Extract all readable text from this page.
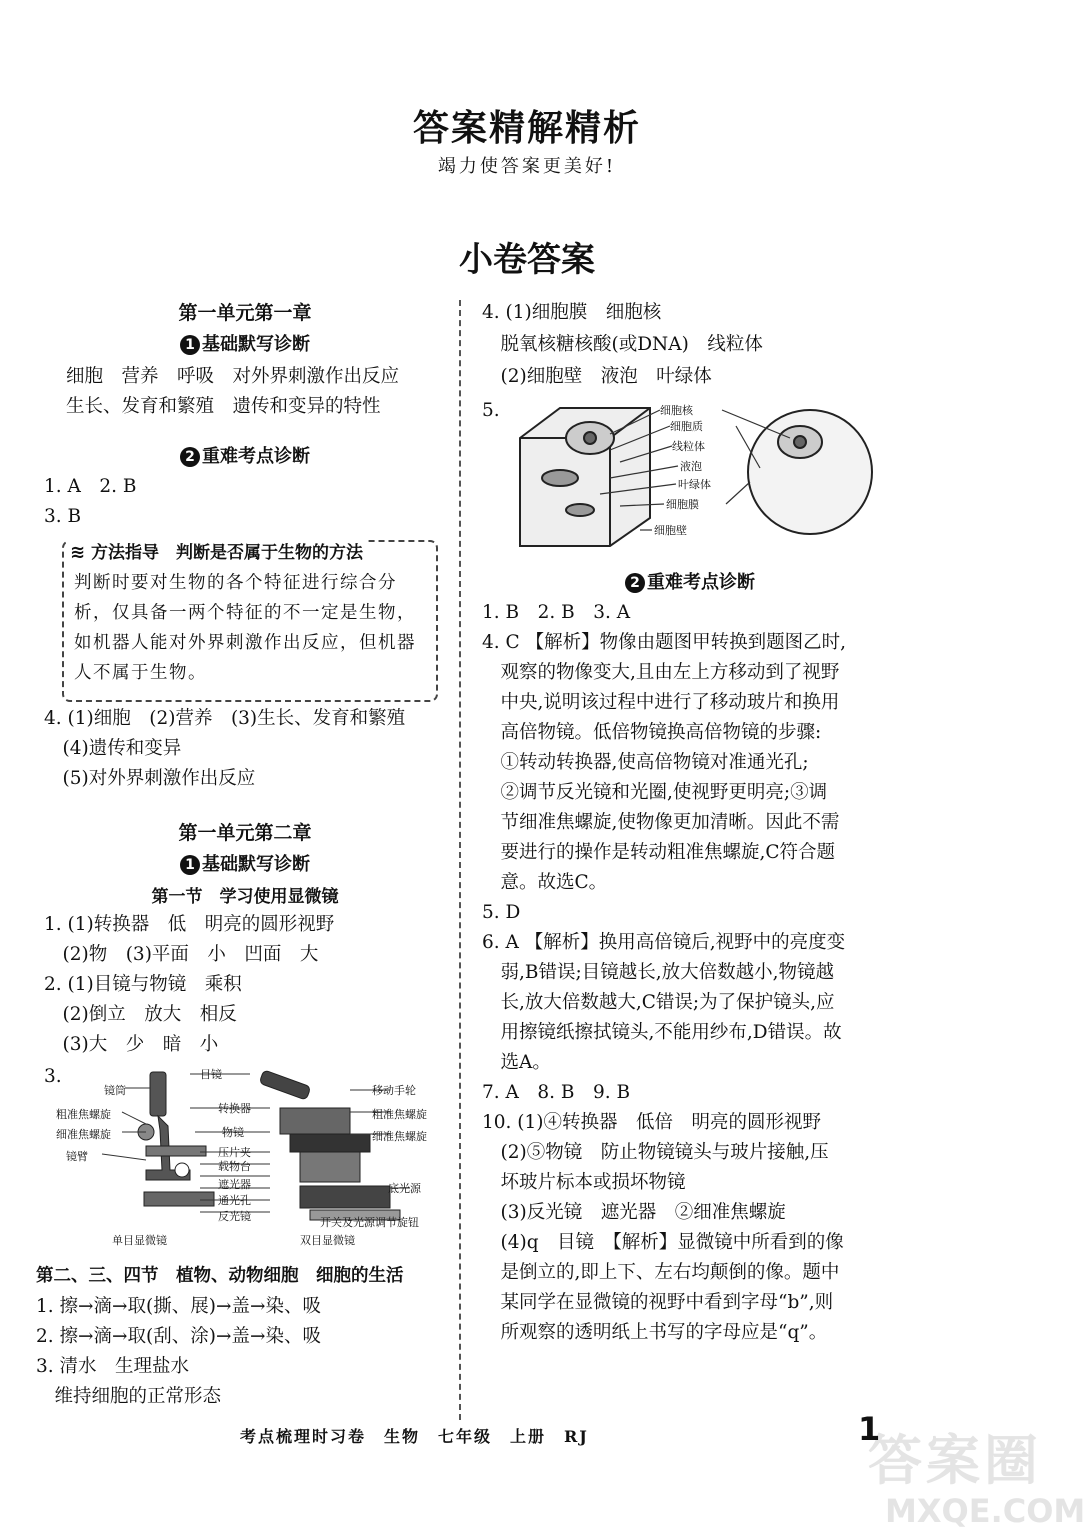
答案精解精析
竭力使答案更美好!
小卷答案
第一单元第一章
1 基础默写诊断
细胞　营养　呼吸　对外界刺激作出反应
生长、发育和繁殖　遗传和变异的特性
2 重难考点诊断
1. A　2. B
3. B
≋ 方法指导　判断是否属于生物的方法
判断时要对生物的各个特征进行综合分
析，仅具备一两个特征的不一定是生物，
如机器人能对外界刺激作出反应，但机器
人不属于生物。
4. (1)细胞　(2)营养　(3)生长、发育和繁殖
　(4)遗传和变异
　(5)对外界刺激作出反应
第一单元第二章
1 基础默写诊断
第一节　学习使用显微镜
1. (1)转换器　低　明亮的圆形视野
　(2)物　(3)平面　小　凹面　大
2. (1)目镜与物镜　乘积
　(2)倒立　放大　相反
　(3)大　少　暗　小
3.
镜筒
粗准焦螺旋
细准焦螺旋
镜臂
目镜
转换器
物镜
压片夹
载物台
遮光器
通光孔
反光镜
移动手轮
粗准焦螺旋
细准焦螺旋
底光源
开关及光源调节旋钮
单目显微镜	双目显微镜
第二、三、四节　植物、动物细胞　细胞的生活
1. 擦→滴→取(撕、展)→盖→染、吸
2. 擦→滴→取(刮、涂)→盖→染、吸
3. 清水　生理盐水
　维持细胞的正常形态
4. (1)细胞膜　细胞核
　脱氧核糖核酸(或DNA)　线粒体
　(2)细胞壁　液泡　叶绿体
5.	细胞核
细胞质
线粒体
液泡
叶绿体
细胞膜
细胞壁
2 重难考点诊断
1. B　2. B　3. A
4. C 【解析】物像由题图甲转换到题图乙时,
　观察的物像变大,且由左上方移动到了视野
　中央,说明该过程中进行了移动玻片和换用
　高倍物镜。低倍物镜换高倍物镜的步骤:
　①转动转换器,使高倍物镜对准通光孔;
　②调节反光镜和光圈,使视野更明亮;③调
　节细准焦螺旋,使物像更加清晰。因此不需
　要进行的操作是转动粗准焦螺旋,C符合题
　意。故选C。
5. D
6. A 【解析】换用高倍镜后,视野中的亮度变
　弱,B错误;目镜越长,放大倍数越小,物镜越
　长,放大倍数越大,C错误;为了保护镜头,应
　用擦镜纸擦拭镜头,不能用纱布,D错误。故
　选A。
7. A　8. B　9. B
10. (1)④转换器　低倍　明亮的圆形视野
　(2)⑤物镜　防止物镜镜头与玻片接触,压
　坏玻片标本或损坏物镜
　(3)反光镜　遮光器　②细准焦螺旋
　(4)q　目镜　【解析】显微镜中所看到的像
　是倒立的,即上下、左右均颠倒的像。题中
　某同学在显微镜的视野中看到字母“b”,则
　所观察的透明纸上书写的字母应是“q”。
考点梳理时习卷　生物　七年级　上册　RJ	答案圈
MXQE.COM
1
